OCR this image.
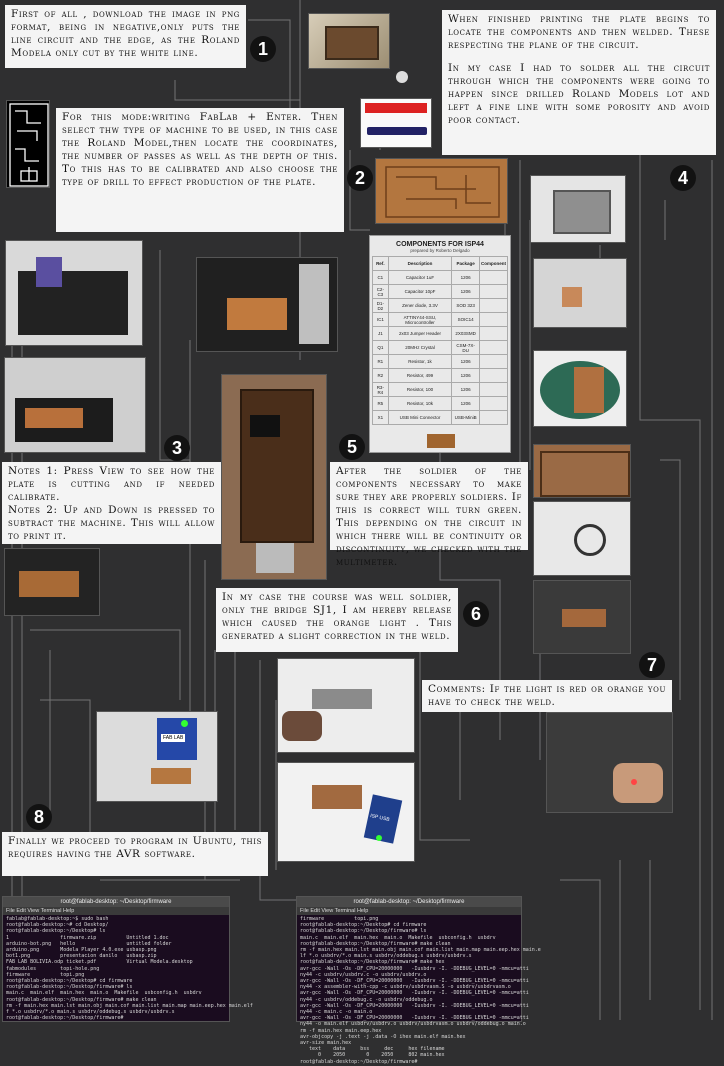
First of all , download the image in png format, being in negative,only puts the line circuit and the edge, as the Roland Modela only cut by the white line.	1

For this mode:writing FabLab + Enter. Then select thw type of machine to be used, in this case the Roland Model,then locate the coordinates, the number of passes as well as the depth of this. To this has to be calibrated and also choose the type of drill to effect production of the plate.	2

When finished printing the plate begins to locate the components and then welded. These respecting the plane of the circuit.

In my case I had to solder all the circuit through which the components were going to happen since drilled Roland Models lot and left a fine line with some porosity and avoid poor contact.

4
3

Notes 1: Press View to see how the plate is cutting and if needed calibrate.

Notes 2: Up and Down is pressed to subtract the machine. This will allow to print it.

5

After the soldier of the components necessary to make sure they are properly soldiers. If this is correct will turn green. This depending on the circuit in which there will be continuity or discontinuity, we checked with the multimeter.

In my case the course was well soldier, only the bridge SJ1, I am hereby release which caused the orange light . This generated a slight correction in the weld.

6
7

Comments: If the light is red or orange you have to check the weld.

8

Finally we proceed to program in Ubuntu, this requires having the AVR software.

COMPONENTS FOR ISP44
prepared by Roberto Delgado
Ref.	Description	Package	Component
C1	Capacitor 1uF	1206	
C2-C3	Capacitor 10pF	1206	
D1-D2	Zener diode, 3.3V	SOD 323	
IC1	ATTINY44-SSU, Microcontroller	SOIC14	
J1	2x03 Jumper Header	2X03SMD	
Q1	20MHz Crystal	CSM-7X-DU	
R1	Resistor, 1k	1206	
R2	Resistor, 499	1206	
R3-R4	Resistor, 100	1206	
R5	Resistor, 10k	1206	
X1	USB Mini Connector	USB-MiniB	
ISP USB
FAB LAB
root@fablab-desktop: ~/Desktop/firmware
File Edit View Terminal Help
fablab@fablab-desktop:~$ sudo bash
root@fablab-desktop:~# cd Desktop/
root@fablab-desktop:~/Desktop# ls
1                 firmware.zip          Untitled 1.doc
arduino-bot.png   hello                 untitled folder
arduino.png       Modela Player 4.0.exe usbasp.png
bot1.png          presentacion danilo   usbasp.zip
FAB LAB BOLIVIA.odp ticket.pdf          Virtual Modela.desktop
fabmodules        topi-hole.png
firmware          topi.png
root@fablab-desktop:~/Desktop# cd firmware
root@fablab-desktop:~/Desktop/firmware# ls
main.c  main.elf  main.hex  main.o  Makefile  usbconfig.h  usbdrv
root@fablab-desktop:~/Desktop/firmware# make clean
rm -f main.hex main.lst main.obj main.cof main.list main.map main.eep.hex main.elf
f *.o usbdrv/*.o main.s usbdrv/oddebug.s usbdrv/usbdrv.s
root@fablab-desktop:~/Desktop/firmware#
root@fablab-desktop: ~/Desktop/firmware
File Edit View Terminal Help
firmware          topi.png
root@fablab-desktop:~/Desktop# cd firmware
root@fablab-desktop:~/Desktop/firmware# ls
main.c  main.elf  main.hex  main.o  Makefile  usbconfig.h  usbdrv
root@fablab-desktop:~/Desktop/firmware# make clean
rm -f main.hex main.lst main.obj main.cof main.list main.map main.eep.hex main.e
lf *.o usbdrv/*.o main.s usbdrv/oddebug.s usbdrv/usbdrv.s
root@fablab-desktop:~/Desktop/firmware# make hex
avr-gcc -Wall -Os -DF_CPU=20000000   -Iusbdrv -I. -DDEBUG_LEVEL=0 -mmcu=atti
ny44 -c usbdrv/usbdrv.c -o usbdrv/usbdrv.o
avr-gcc -Wall -Os -DF_CPU=20000000   -Iusbdrv -I. -DDEBUG_LEVEL=0 -mmcu=atti
ny44 -x assembler-with-cpp -c usbdrv/usbdrvasm.S -o usbdrv/usbdrvasm.o
avr-gcc -Wall -Os -DF_CPU=20000000   -Iusbdrv -I. -DDEBUG_LEVEL=0 -mmcu=atti
ny44 -c usbdrv/oddebug.c -o usbdrv/oddebug.o
avr-gcc -Wall -Os -DF_CPU=20000000   -Iusbdrv -I. -DDEBUG_LEVEL=0 -mmcu=atti
ny44 -c main.c -o main.o
avr-gcc -Wall -Os -DF_CPU=20000000   -Iusbdrv -I. -DDEBUG_LEVEL=0 -mmcu=atti
ny44 -o main.elf usbdrv/usbdrv.o usbdrv/usbdrvasm.o usbdrv/oddebug.o main.o
rm -f main.hex main.eep.hex
avr-objcopy -j .text -j .data -O ihex main.elf main.hex
avr-size main.hex
text    data     bss     dec     hex filename
0    2050       0    2050     802 main.hex
root@fablab-desktop:~/Desktop/firmware#
